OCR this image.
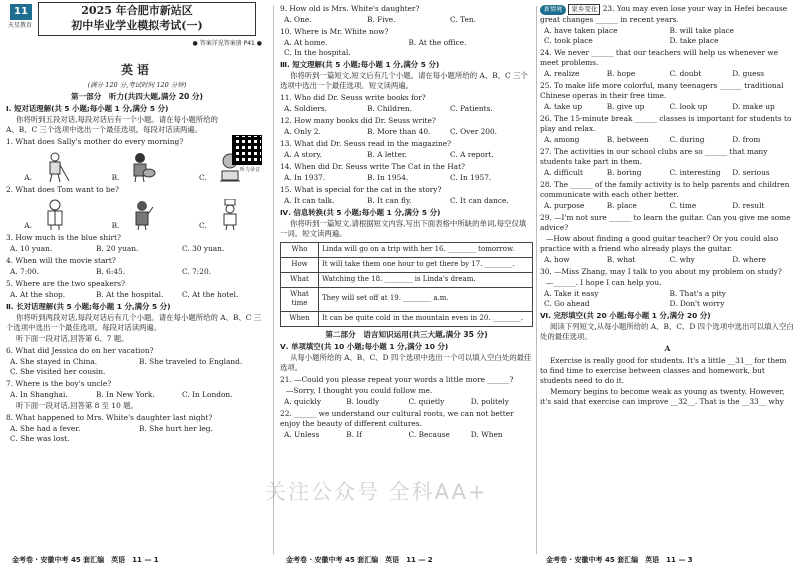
11
天星教育
2025 年合肥市新站区
初中毕业学业模拟考试(一)
● 答案详见答案册 P41 ●
英语
(满分 120 分,考试时间 120 分钟)
第一部分　听力(共四大题,满分 20 分)
Ⅰ. 短对话理解(共 5 小题;每小题 1 分,满分 5 分)
你将听到五段对话,每段对话后有一个小题。请在每小题所给的 A、B、C 三个选项中选出一个最佳选项。每段对话读两遍。
听力录音
1. What does Sally's mother do every morning?
A.	B.	C.
2. What does Tom want to be?
A.	B.	C.
3. How much is the blue shirt?
A. 10 yuan.	B. 20 yuan.	C. 30 yuan.
4. When will the movie start?
A. 7:00.	B. 6:45.	C. 7:20.
5. Where are the two speakers?
A. At the shop.	B. At the hospital.	C. At the hotel.
Ⅱ. 长对话理解(共 5 小题;每小题 1 分,满分 5 分)
你将听到两段对话,每段对话后有几个小题。请在每小题所给的 A、B、C 三个选项中选出一个最佳选项。每段对话读两遍。
听下面一段对话,回答第 6、7 题。
6. What did Jessica do on her vacation?
A. She stayed in China.	B. She traveled to England.
C. She visited her cousin.
7. Where is the boy's uncle?
A. In Shanghai.	B. In New York.	C. In London.
听下面一段对话,回答第 8 至 10 题。
8. What happened to Mrs. White's daughter last night?
A. She had a fever.	B. She hurt her leg.
C. She was lost.
金考卷 · 安徽中考 45 套汇编　英语　11 — 1
9. How old is Mrs. White's daughter?
A. One.	B. Five.	C. Ten.
10. Where is Mr. White now?
A. At home.	B. At the office.
C. In the hospital.
Ⅲ. 短文理解(共 5 小题;每小题 1 分,满分 5 分)
你将听到一篇短文,短文后有几个小题。请在每小题所给的 A、B、C 三个选项中选出一个最佳选项。短文读两遍。
11. Who did Dr. Seuss write books for?
A. Soldiers.	B. Children.	C. Patients.
12. How many books did Dr. Seuss write?
A. Only 2.	B. More than 40.	C. Over 200.
13. What did Dr. Seuss read in the magazine?
A. A story.	B. A letter.	C. A report.
14. When did Dr. Seuss write The Cat in the Hat?
A. In 1937.	B. In 1954.	C. In 1957.
15. What is special for the cat in the story?
A. It can talk.	B. It can fly.	C. It can dance.
Ⅳ. 信息转换(共 5 小题;每小题 1 分,满分 5 分)
你将听到一篇短文,请根据短文内容,写出下面表格中所缺的单词,每空仅填一词。短文读两遍。
Who	Linda will go on a trip with her 16. ________ tomorrow.
How	It will take them one hour to get there by 17. ________.
What	Watching the 18. ________ is Linda's dream.
What time	They will set off at 19. ________ a.m.
When	It can be quite cold in the mountain even in 20. ________.
第二部分　语言知识运用(共三大题,满分 35 分)
Ⅴ. 单项填空(共 10 小题;每小题 1 分,满分 10 分)
从每小题所给的 A、B、C、D 四个选项中选出一个可以填入空白处的最佳选项。
21. —Could you please repeat your words a little more ______?
—Sorry, I thought you could follow me.
A. quickly	B. loudly	C. quietly	D. politely
22. ______ we understand our cultural roots, we can not better enjoy the beauty of different cultures.
A. Unless	B. If	C. Because	D. When
金考卷 · 安徽中考 45 套汇编　英语　11 — 2
新情境 家乡变化 23. You may even lose your way in Hefei because great changes ______ in recent years.
A. have taken place	B. will take place
C. took place	D. take place
24. We never ______ that our teachers will help us whenever we meet problems.
A. realize	B. hope	C. doubt	D. guess
25. To make life more colorful, many teenagers ______ traditional Chinese operas in their free time.
A. take up	B. give up	C. look up	D. make up
26. The 15-minute break ______ classes is important for students to play and relax.
A. among	B. between	C. during	D. from
27. The activities in our school clubs are so ______ that many students take part in them.
A. difficult	B. boring	C. interesting	D. serious
28. The ______ of the family activity is to help parents and children communicate with each other better.
A. purpose	B. place	C. time	D. result
29. —I'm not sure ______ to learn the guitar. Can you give me some advice?
—How about finding a good guitar teacher? Or you could also practice with a friend who already plays the guitar.
A. how	B. what	C. why	D. where
30. —Miss Zhang, may I talk to you about my problem on study?
—______. I hope I can help you.
A. Take it easy	B. That's a pity
C. Go ahead	D. Don't worry
Ⅵ. 完形填空(共 20 小题;每小题 1 分,满分 20 分)
阅读下列短文,从每小题所给的 A、B、C、D 四个选项中选出可以填入空白处的最佳选项。
A
Exercise is really good for students. It's a little __31__ for them to find time to exercise between classes and homework, but students need to do it.
Memory begins to become weak as young as twenty. However, it's said that exercise can improve __32__. That is the __33__ why
金考卷 · 安徽中考 45 套汇编　英语　11 — 3
关注公众号 全科AA+
